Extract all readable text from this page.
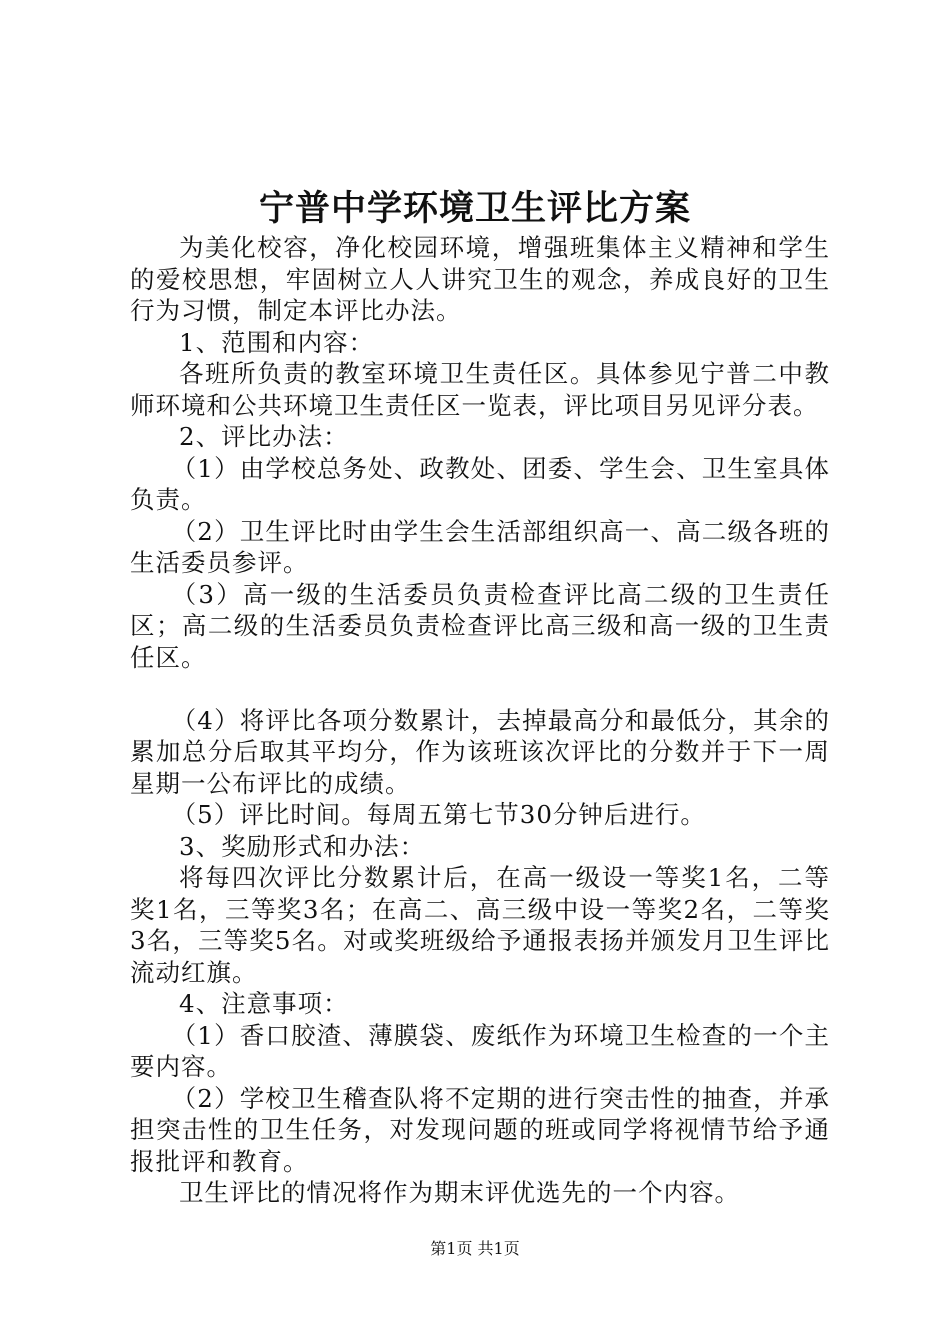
宁普中学环境卫生评比方案

为美化校容，净化校园环境，增强班集体主义精神和学生的爱校思想，牢固树立人人讲究卫生的观念，养成良好的卫生行为习惯，制定本评比办法。

1、范围和内容：

各班所负责的教室环境卫生责任区。具体参见宁普二中教师环境和公共环境卫生责任区一览表，评比项目另见评分表。

2、评比办法：

（1）由学校总务处、政教处、团委、学生会、卫生室具体负责。

（2）卫生评比时由学生会生活部组织高一、高二级各班的生活委员参评。

（3）高一级的生活委员负责检查评比高二级的卫生责任区；高二级的生活委员负责检查评比高三级和高一级的卫生责任区。

（4）将评比各项分数累计，去掉最高分和最低分，其余的累加总分后取其平均分，作为该班该次评比的分数并于下一周星期一公布评比的成绩。

（5）评比时间。每周五第七节30分钟后进行。

3、奖励形式和办法：

将每四次评比分数累计后，在高一级设一等奖1名，二等奖1名，三等奖3名；在高二、高三级中设一等奖2名，二等奖3名，三等奖5名。对或奖班级给予通报表扬并颁发月卫生评比流动红旗。

4、注意事项：

（1）香口胶渣、薄膜袋、废纸作为环境卫生检查的一个主要内容。

（2）学校卫生稽查队将不定期的进行突击性的抽查，并承担突击性的卫生任务，对发现问题的班或同学将视情节给予通报批评和教育。

卫生评比的情况将作为期末评优选先的一个内容。

第1页 共1页
